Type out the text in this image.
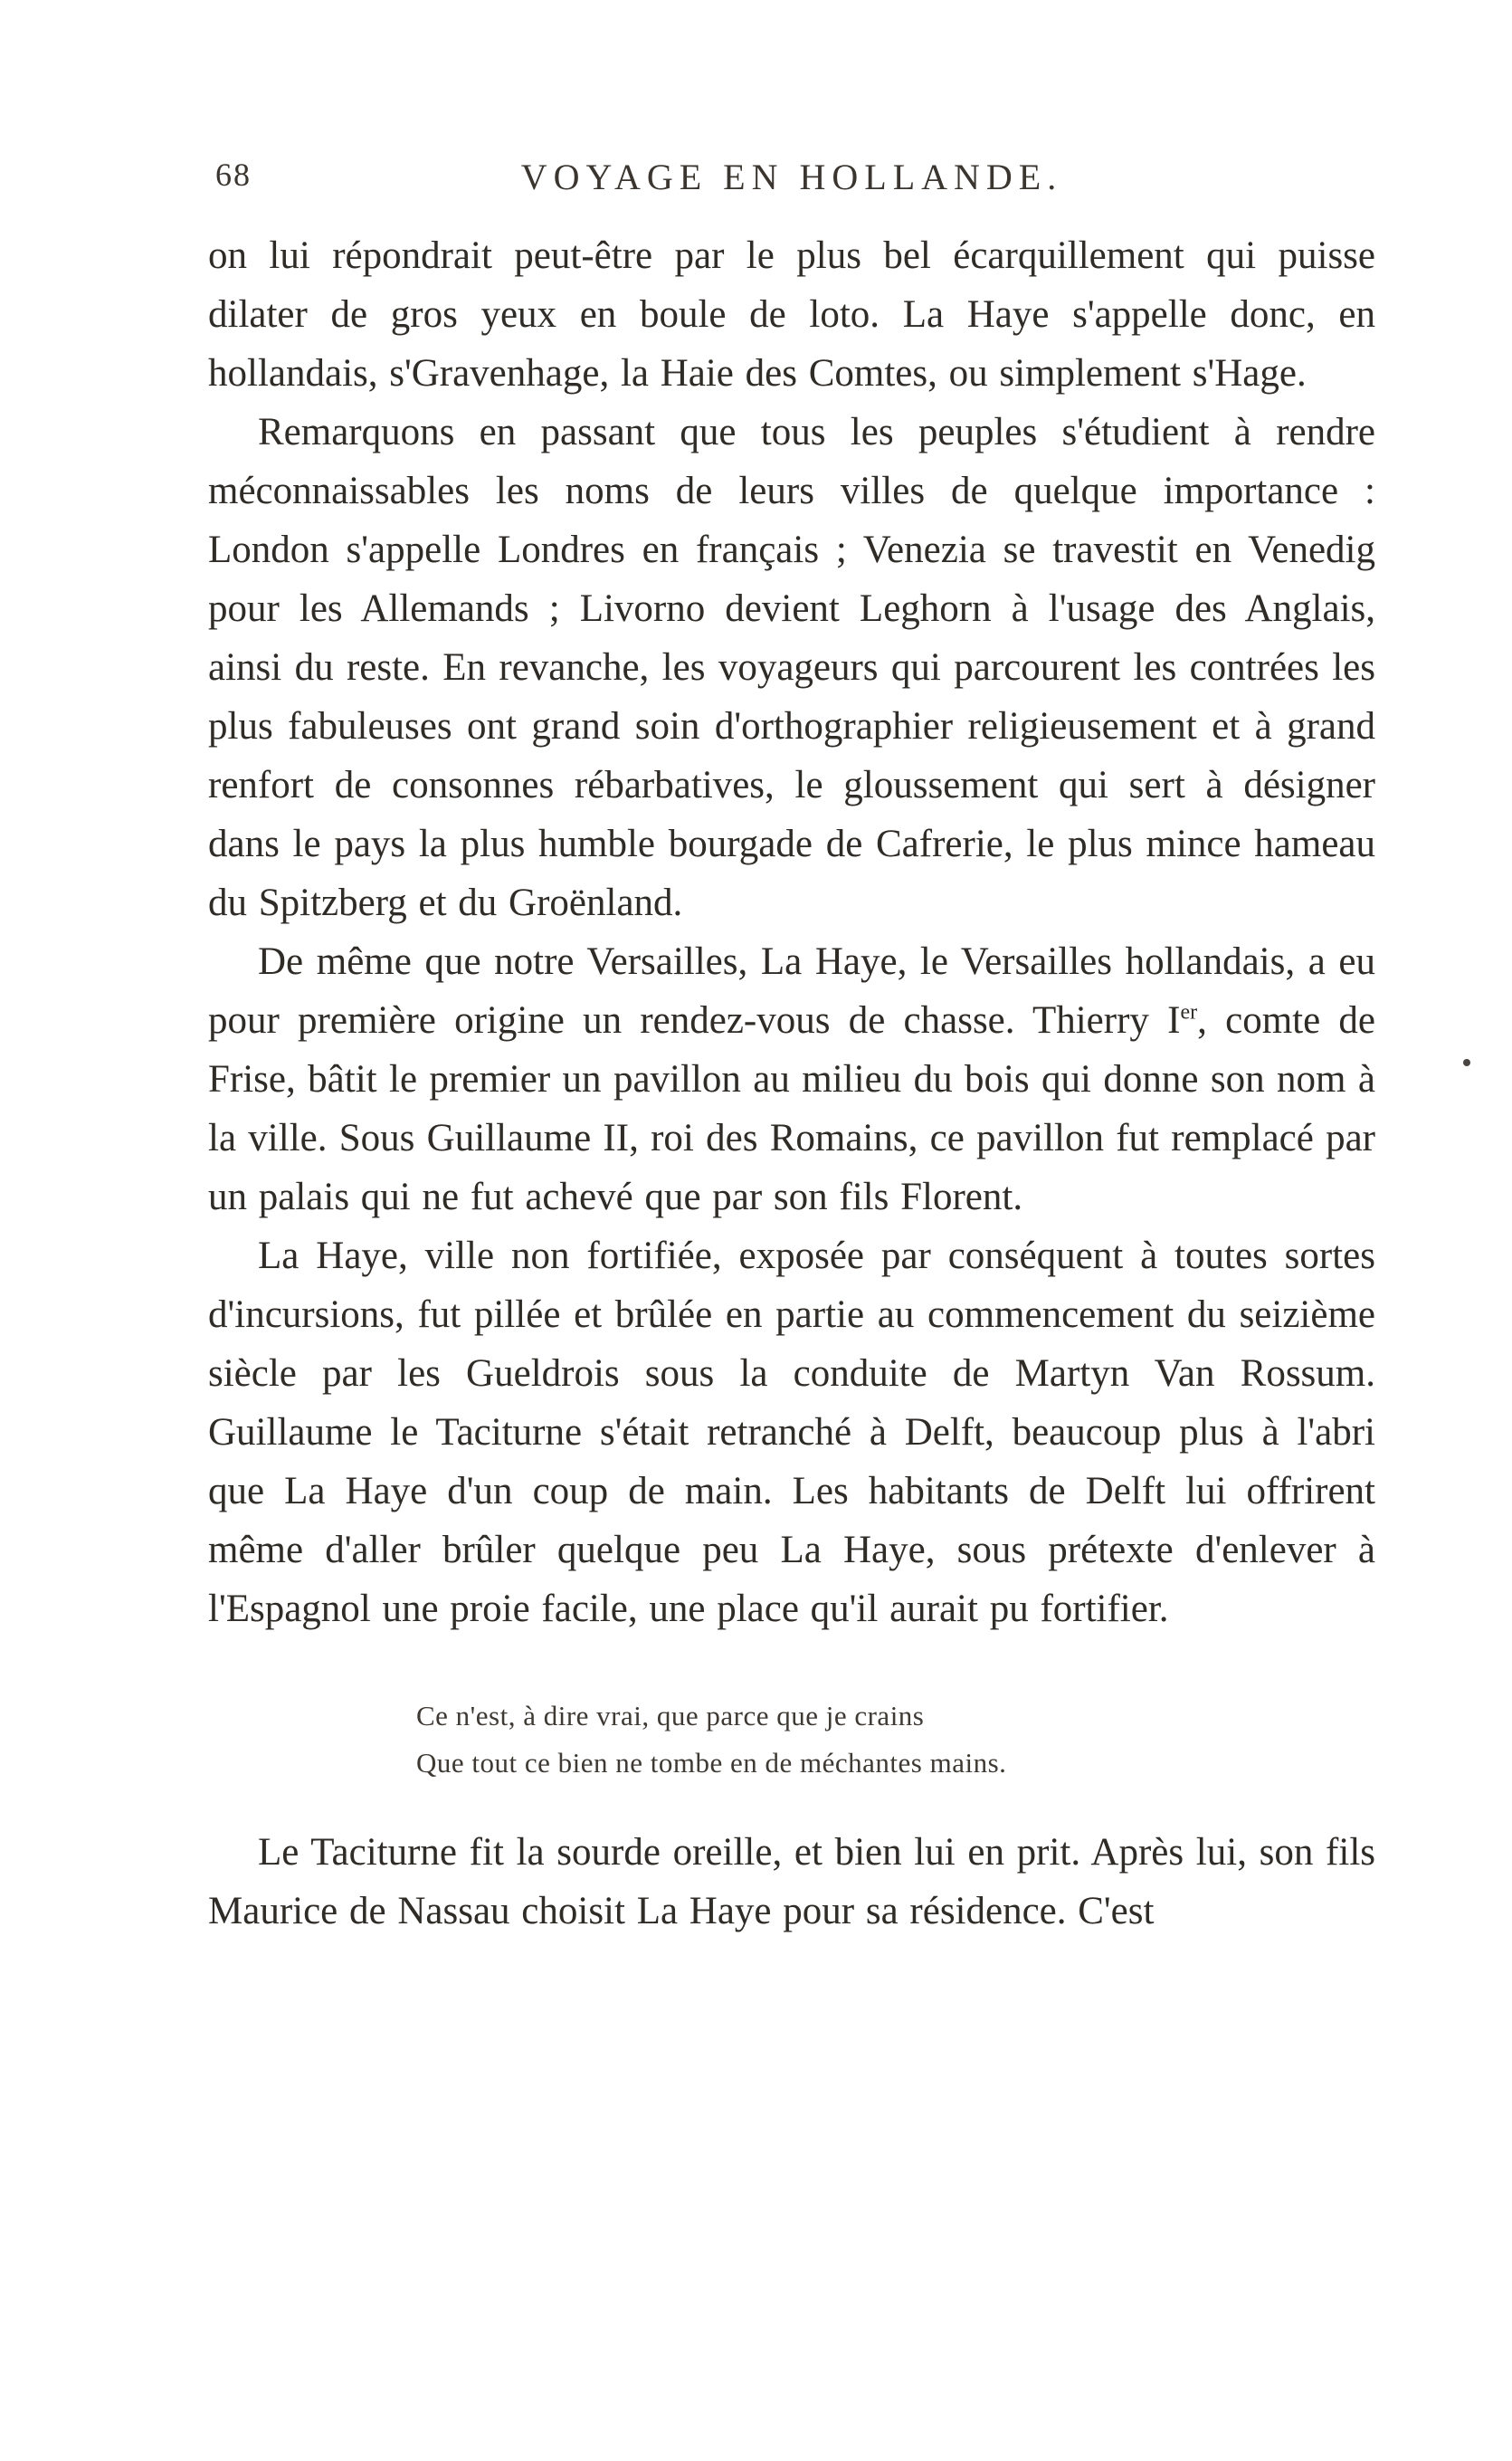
68	VOYAGE EN HOLLANDE.

on lui répondrait peut-être par le plus bel écarquillement qui puisse dilater de gros yeux en boule de loto. La Haye s'appelle donc, en hollandais, s'Gravenhage, la Haie des Comtes, ou simplement s'Hage.

Remarquons en passant que tous les peuples s'étudient à rendre méconnaissables les noms de leurs villes de quelque importance : London s'appelle Londres en français ; Venezia se travestit en Venedig pour les Allemands ; Livorno devient Leghorn à l'usage des Anglais, ainsi du reste. En revanche, les voyageurs qui parcourent les contrées les plus fabuleuses ont grand soin d'orthographier religieusement et à grand renfort de consonnes rébarbatives, le gloussement qui sert à désigner dans le pays la plus humble bourgade de Cafrerie, le plus mince hameau du Spitzberg et du Groënland.

De même que notre Versailles, La Haye, le Versailles hollandais, a eu pour première origine un rendez-vous de chasse. Thierry Ier, comte de Frise, bâtit le premier un pavillon au milieu du bois qui donne son nom à la ville. Sous Guillaume II, roi des Romains, ce pavillon fut remplacé par un palais qui ne fut achevé que par son fils Florent.

La Haye, ville non fortifiée, exposée par conséquent à toutes sortes d'incursions, fut pillée et brûlée en partie au commencement du seizième siècle par les Gueldrois sous la conduite de Martyn Van Rossum. Guillaume le Taciturne s'était retranché à Delft, beaucoup plus à l'abri que La Haye d'un coup de main. Les habitants de Delft lui offrirent même d'aller brûler quelque peu La Haye, sous prétexte d'enlever à l'Espagnol une proie facile, une place qu'il aurait pu fortifier.

Ce n'est, à dire vrai, que parce que je crains
Que tout ce bien ne tombe en de méchantes mains.

Le Taciturne fit la sourde oreille, et bien lui en prit. Après lui, son fils Maurice de Nassau choisit La Haye pour sa résidence. C'est
